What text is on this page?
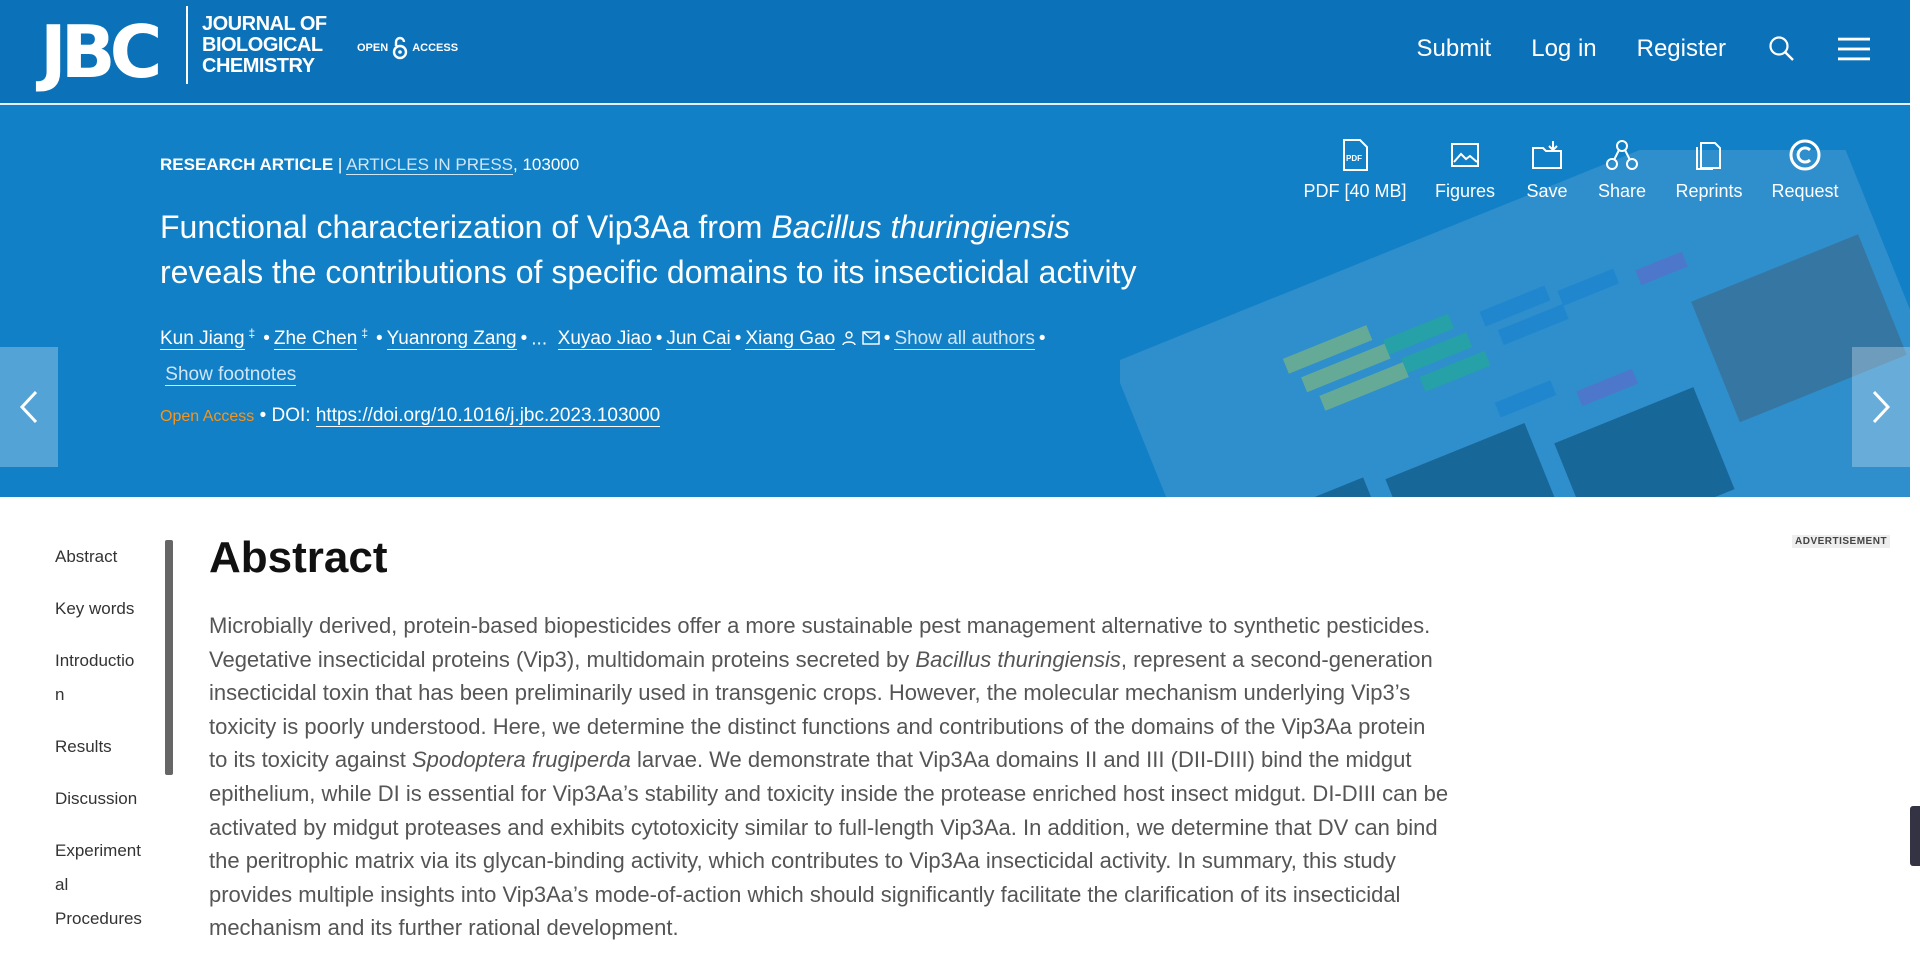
JBC JOURNAL OF
BIOLOGICAL
CHEMISTRY
OPEN ACCESS	Submit Log in Register
RESEARCH ARTICLE | ARTICLES IN PRESS, 103000
Functional characterization of Vip3Aa from Bacillus thuringiensis
reveals the contributions of specific domains to its insecticidal activity
Kun Jiang ‡ • Zhe Chen ‡ • Yuanrong Zang • ... Xuyao Jiao • Jun Cai • Xiang Gao	• Show all authors •
Show footnotes
Open Access • DOI: https://doi.org/10.1016/j.jbc.2023.103000
PDF
PDF [40 MB] Figures Save Share Reprints Request
Abstract
Key words
Introductio n
Results
Discussion
Experiment al Procedures
Abstract
Microbially derived, protein-based biopesticides offer a more sustainable pest management alternative to synthetic pesticides. Vegetative insecticidal proteins (Vip3), multidomain proteins secreted by Bacillus thuringiensis, represent a second-generation insecticidal toxin that has been preliminarily used in transgenic crops. However, the molecular mechanism underlying Vip3’s toxicity is poorly understood. Here, we determine the distinct functions and contributions of the domains of the Vip3Aa protein to its toxicity against Spodoptera frugiperda larvae. We demonstrate that Vip3Aa domains II and III (DII-DIII) bind the midgut epithelium, while DI is essential for Vip3Aa’s stability and toxicity inside the protease enriched host insect midgut. DI-DIII can be activated by midgut proteases and exhibits cytotoxicity similar to full-length Vip3Aa. In addition, we determine that DV can bind the peritrophic matrix via its glycan-binding activity, which contributes to Vip3Aa insecticidal activity. In summary, this study provides multiple insights into Vip3Aa’s mode-of-action which should significantly facilitate the clarification of its insecticidal mechanism and its further rational development.
ADVERTISEMENT
